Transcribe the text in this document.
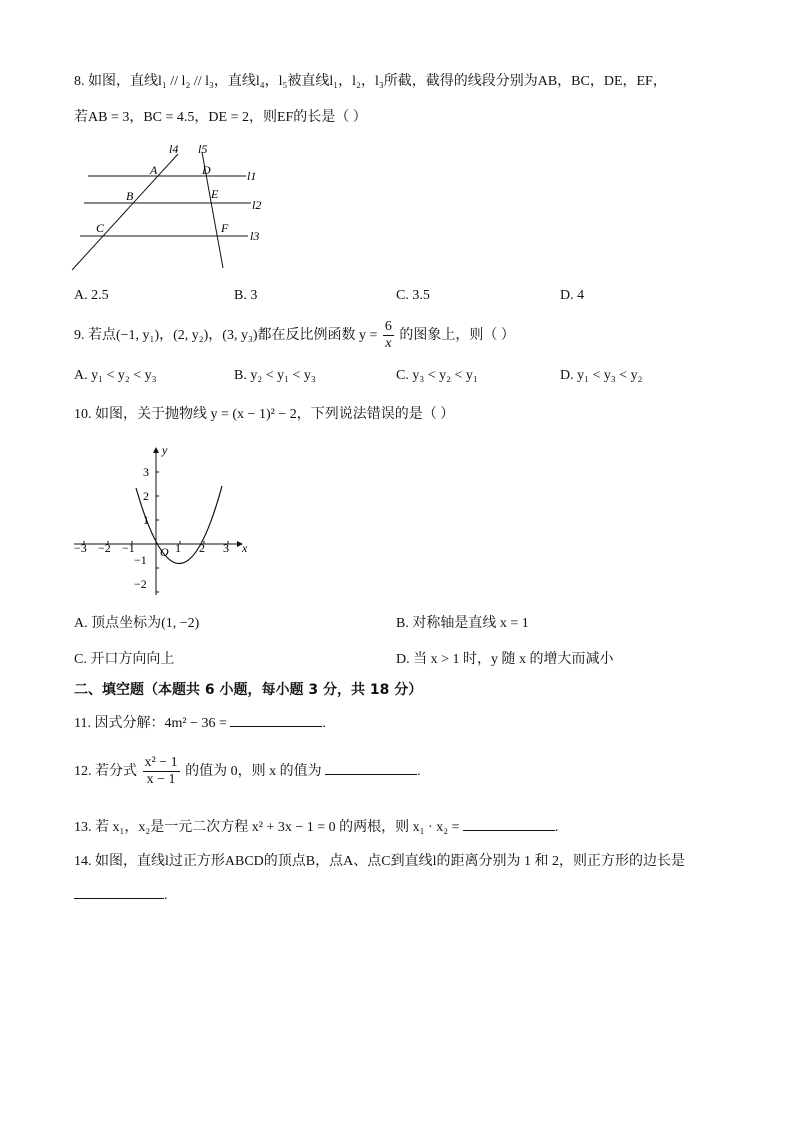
8. 如图，直线l₁ // l₂ // l₃，直线l₄，l₅被直线l₁，l₂，l₃所截，截得的线段分别为AB，BC，DE，EF，
若AB = 3，BC = 4.5，DE = 2，则EF的长是（ ）
l4 l5
A	D	l1
B	E
l2
C	F
l3
A. 2.5	B. 3	C. 3.5	D. 4
9. 若点(−1, y₁)，(2, y₂)，(3, y₃)都在反比例函数 $y = \frac{6}{x}$ 的图象上，则（ ）
A. y₁ < y₂ < y₃	B. y₂ < y₁ < y₃	C. y₃ < y₂ < y₁	D. y₁ < y₃ < y₂
10. 如图，关于抛物线 y = (x − 1)² − 2，下列说法错误的是（ ）
y
x
O
3
2
1
−1
−2
−3 −2 −1	1 2 3
A. 顶点坐标为(1, −2)	B. 对称轴是直线 x = 1
C. 开口方向向上	D. 当 x > 1 时，y 随 x 的增大而减小
二、填空题（本题共 6 小题，每小题 3 分，共 18 分）
11. 因式分解：4m² − 36 =	.
12. 若分式 $\frac{\text{x² − 1}}{x - 1}$ 的值为 0，则 x 的值为	.
13. 若 x₁，x₂是一元二次方程 x² + 3x − 1 = 0 的两根，则 x₁ · x₂ =	.
14. 如图，直线l过正方形ABCD的顶点B，点A、点C到直线l的距离分别为 1 和 2，则正方形的边长是
.
